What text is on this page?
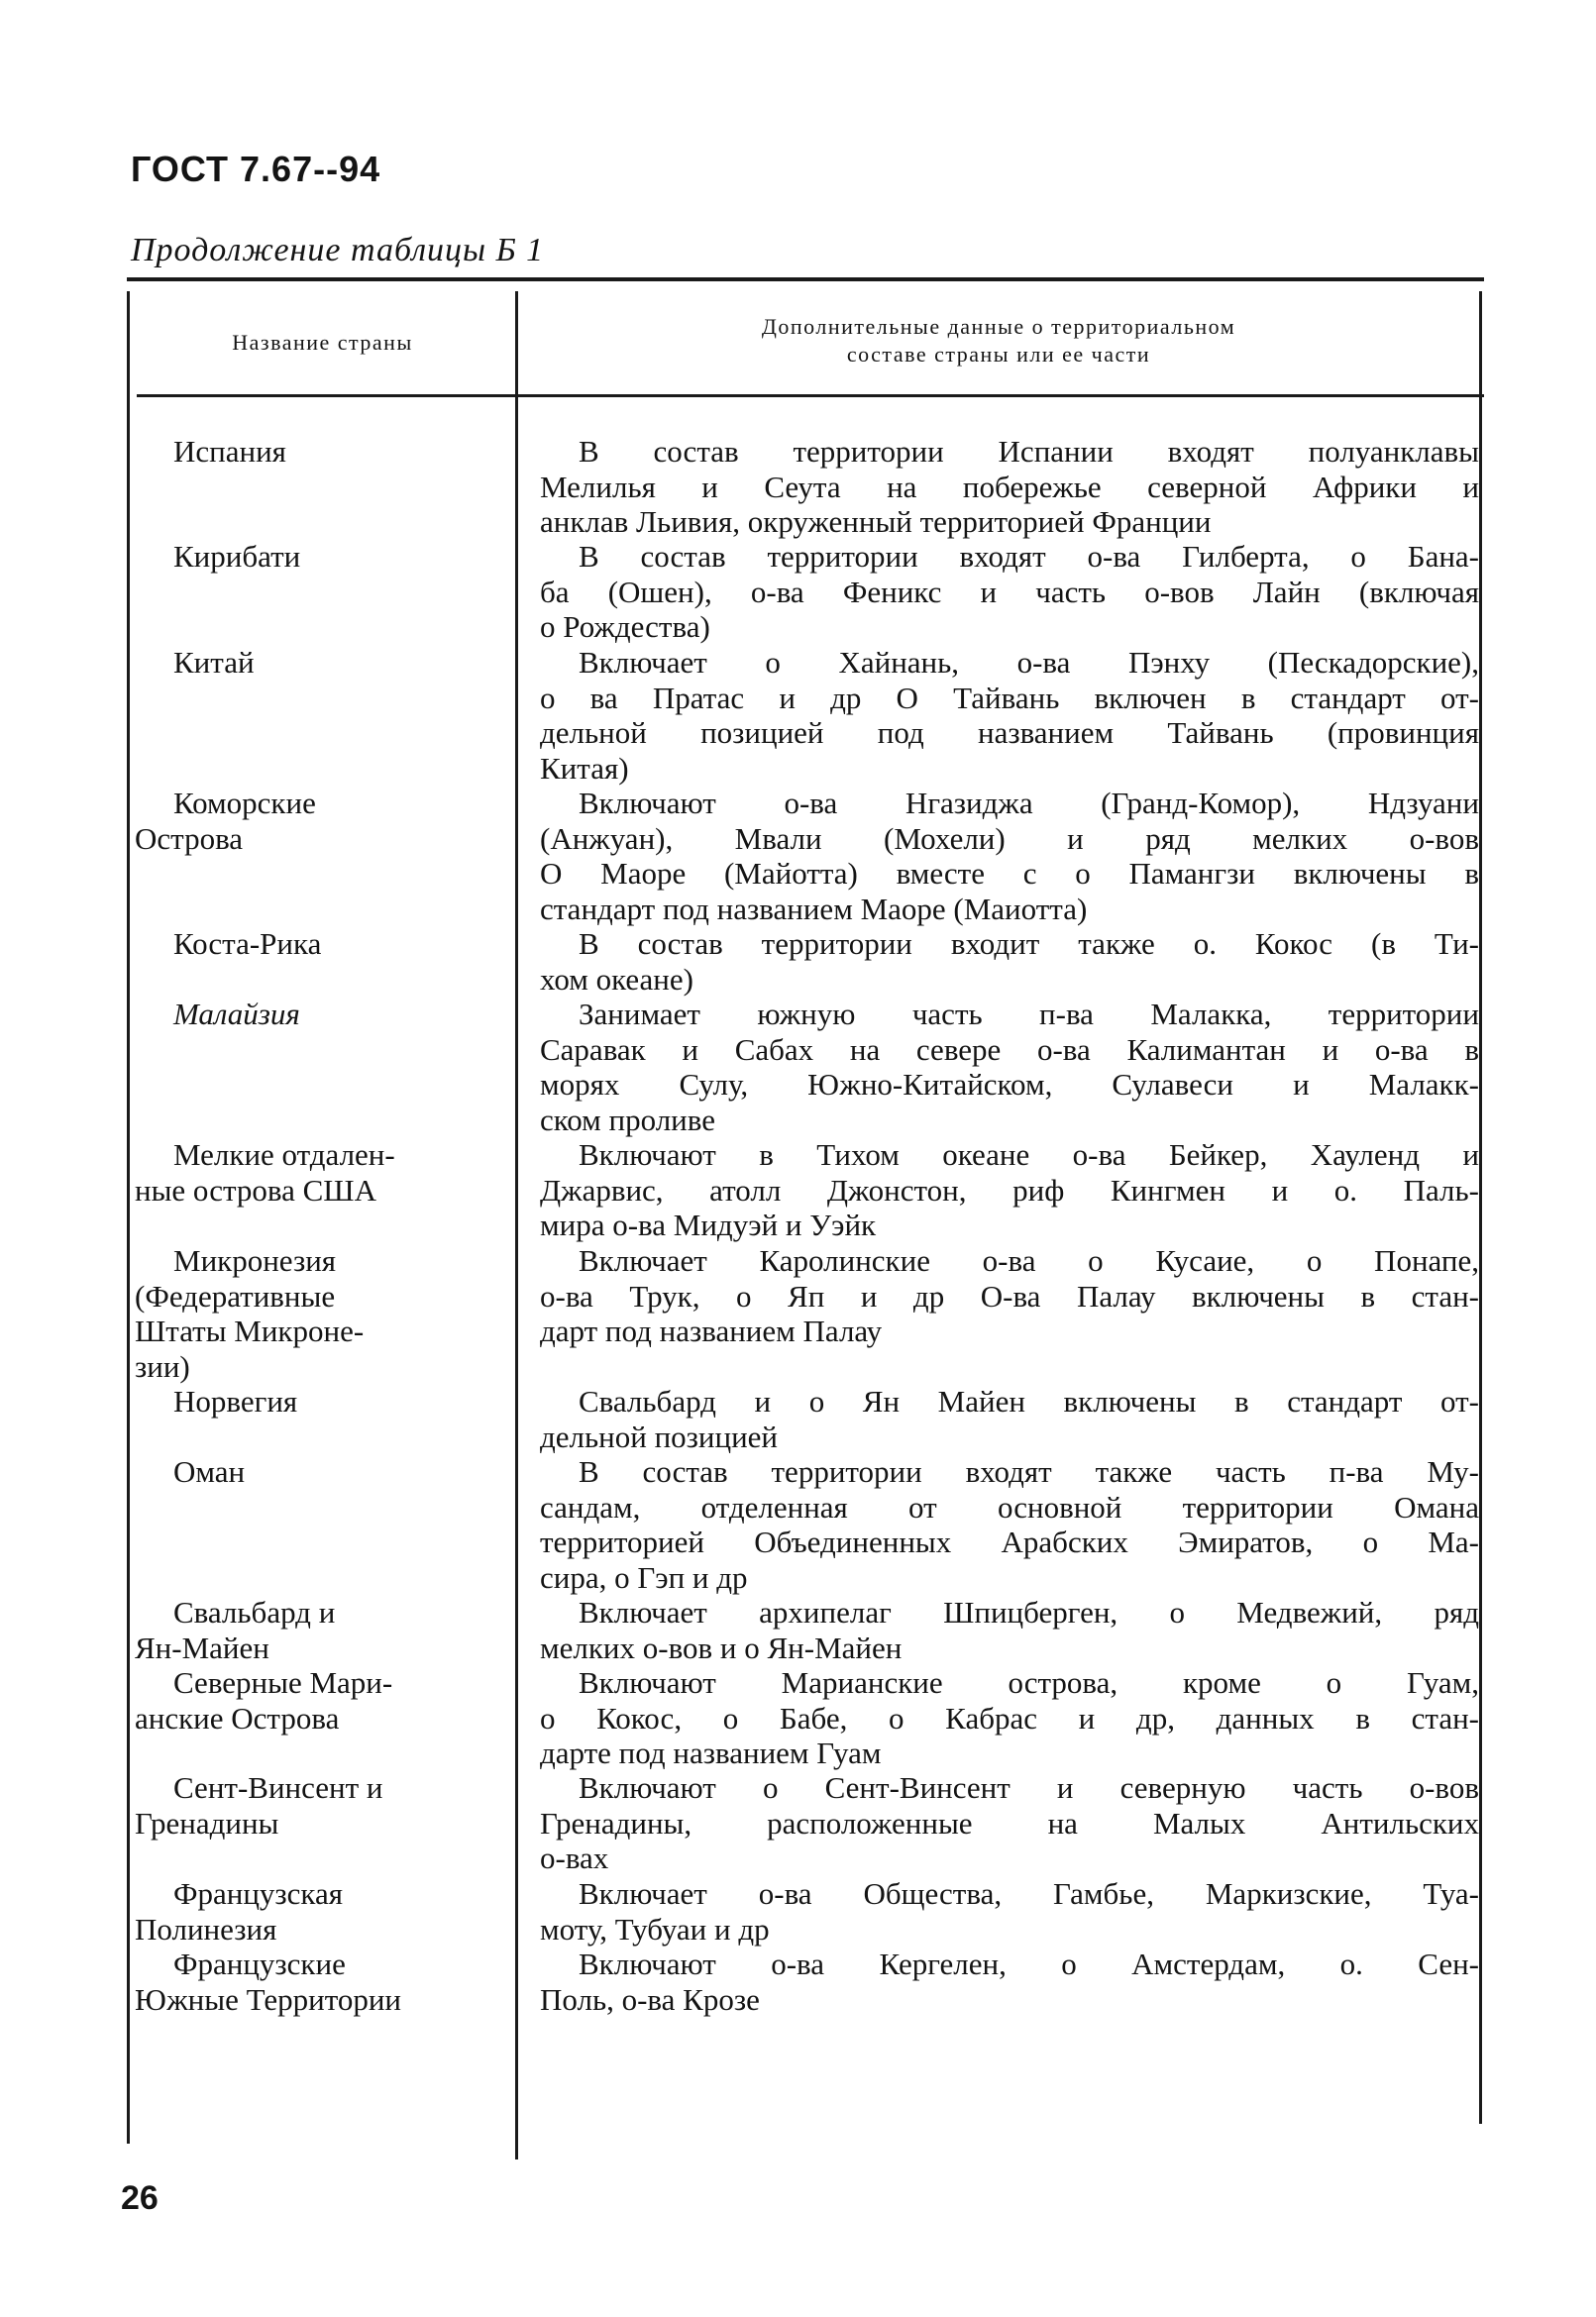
ГОСТ 7.67--94
Продолжение таблицы Б 1
Название страны
Дополнительные данные о территориальном
составе страны или ее части
Испания
Кирибати
Китай
Коморские
Острова
Коста-Рика
Малайзия
Мелкие отдален-
ные острова США
Микронезия
(Федеративные
Штаты Микроне-
зии)
Норвегия
Оман
Свальбард и
Ян-Майен
Северные Мари-
анские Острова
Сент-Винсент и
Гренадины
Французская
Полинезия
Французские
Южные Территории
В состав территории Испании входят полуанклавы
Мелилья и Сеута на побережье северной Африки и
анклав Льивия, окруженный территорией Франции
В состав территории входят о-ва Гилберта, о Бана-
ба (Ошен), о-ва Феникс и часть о-вов Лайн (включая
о Рождества)
Включает о Хайнань, о-ва Пэнху (Пескадорские),
о ва Пратас и др О Тайвань включен в стандарт от-
дельной позицией под названием Тайвань (провинция
Китая)
Включают о-ва Нгазиджа (Гранд-Комор), Ндзуани
(Анжуан), Мвали (Мохели) и ряд мелких о-вов
О Маоре (Майотта) вместе с о Памангзи включены в
стандарт под названием Маоре (Маиотта)
В состав территории входит также о. Кокос (в Ти-
хом океане)
Занимает южную часть п-ва Малакка, территории
Саравак и Сабах на севере о-ва Калимантан и о-ва в
морях Сулу, Южно-Китайском, Сулавеси и Малакк-
ском проливе
Включают в Тихом океане о-ва Бейкер, Хауленд и
Джарвис, атолл Джонстон, риф Кингмен и о. Паль-
мира о-ва Мидуэй и Уэйк
Включает Каролинские о-ва о Кусаие, о Понапе,
о-ва Трук, о Яп и др О-ва Палау включены в стан-
дарт под названием Палау
Свальбард и о Ян Майен включены в стандарт от-
дельной позицией
В состав территории входят также часть п-ва Му-
сандам, отделенная от основной территории Омана
территорией Объединенных Арабских Эмиратов, о Ма-
сира, о Гэп и др
Включает архипелаг Шпицберген, о Медвежий, ряд
мелких о-вов и о Ян-Майен
Включают Марианские острова, кроме о Гуам,
о Кокос, о Бабе, о Кабрас и др, данных в стан-
дарте под названием Гуам
Включают о Сент-Винсент и северную часть о-вов
Гренадины, расположенные на Малых Антильских
о-вах
Включает о-ва Общества, Гамбье, Маркизские, Туа-
моту, Тубуаи и др
Включают о-ва Кергелен, о Амстердам, о. Сен-
Поль, о-ва Крозе
26
